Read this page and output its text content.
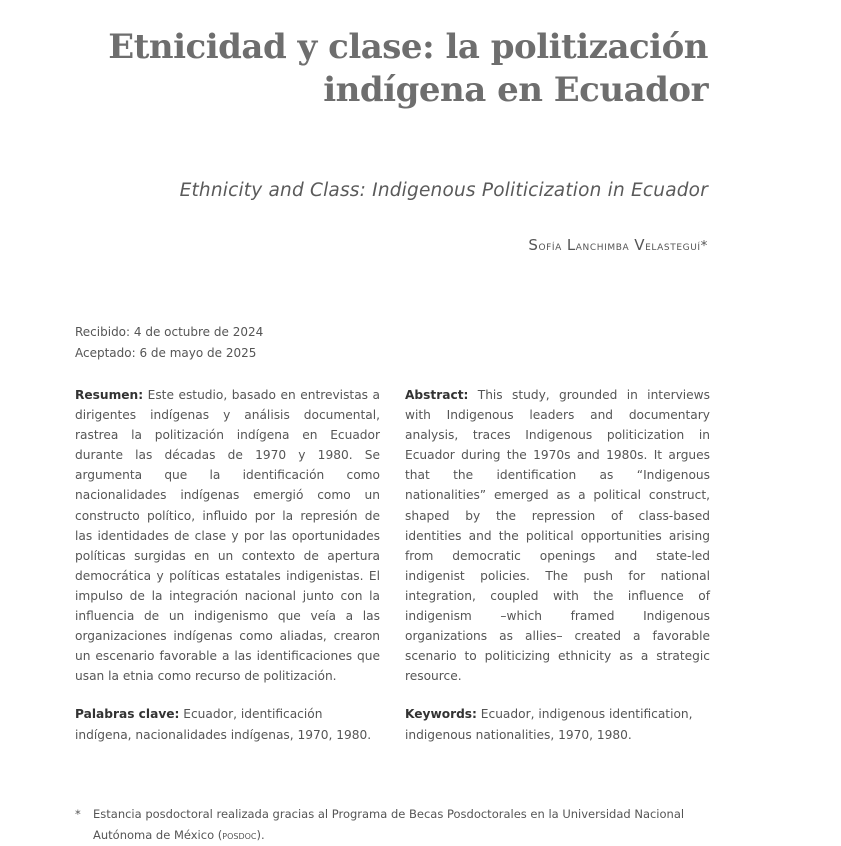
Etnicidad y clase: la politización
indígena en Ecuador

Ethnicity and Class: Indigenous Politicization in Ecuador

Sofía Lanchimba Velasteguí*

Recibido: 4 de octubre de 2024
Aceptado: 6 de mayo de 2025

Resumen: Este estudio, basado en entrevistas a dirigentes indígenas y análisis documental, rastrea la politización indígena en Ecuador durante las décadas de 1970 y 1980. Se argumenta que la identificación como nacionalidades indígenas emergió como un constructo político, influido por la represión de las identidades de clase y por las oportunidades políticas surgidas en un contexto de apertura democrática y políticas estatales indigenistas. El impulso de la integración nacional junto con la influencia de un indigenismo que veía a las organizaciones indígenas como aliadas, crearon un escenario favorable a las identificaciones que usan la etnia como recurso de politización.

Palabras clave: Ecuador, identificación indígena, nacionalidades indígenas, 1970, 1980.

Abstract: This study, grounded in interviews with Indigenous leaders and documentary analysis, traces Indigenous politicization in Ecuador during the 1970s and 1980s. It argues that the identification as “Indigenous nationalities” emerged as a political construct, shaped by the repression of class-based identities and the political opportunities arising from democratic openings and state-led indigenist policies. The push for national integration, coupled with the influence of indigenism –which framed Indigenous organizations as allies– created a favorable scenario to politicizing ethnicity as a strategic resource.

Keywords: Ecuador, indigenous identification, indigenous nationalities, 1970, 1980.

*	Estancia posdoctoral realizada gracias al Programa de Becas Posdoctorales en la Universidad Nacional Autónoma de México (posdoc).
